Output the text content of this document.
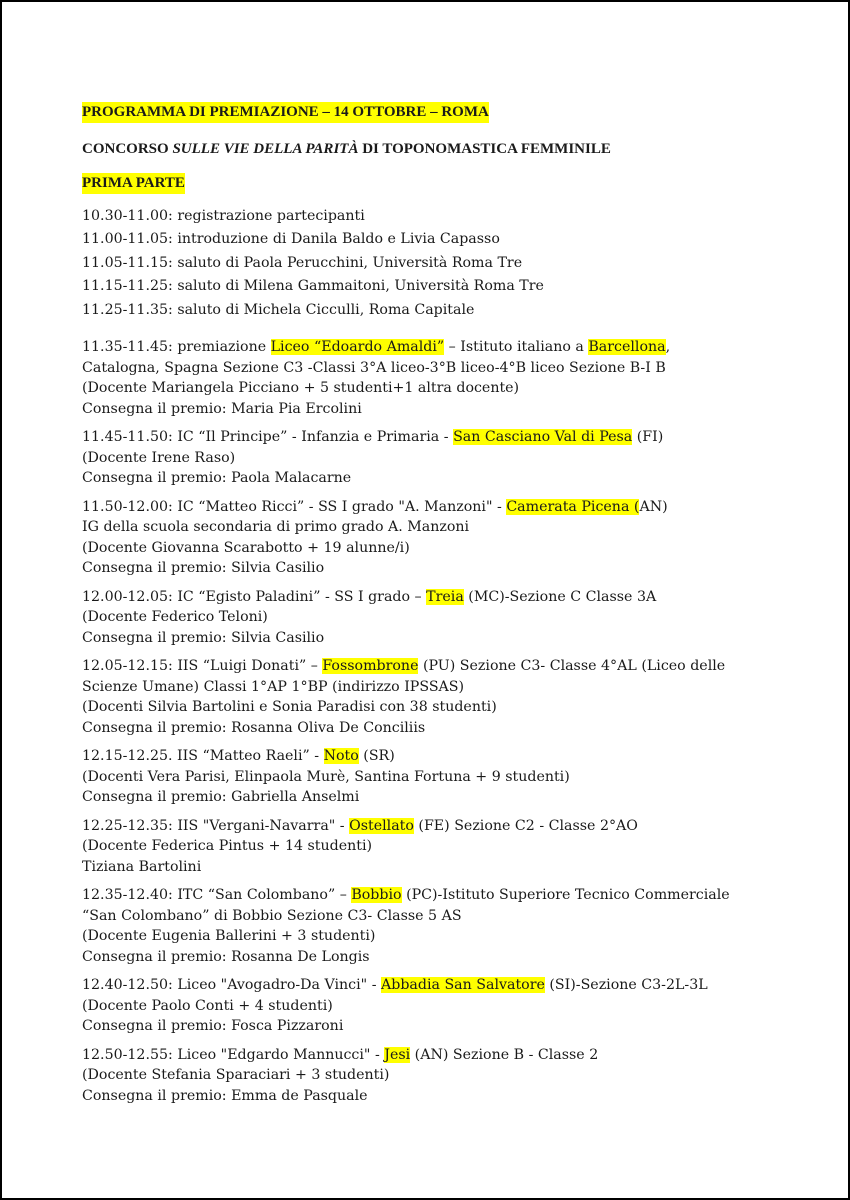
PROGRAMMA DI PREMIAZIONE – 14 OTTOBRE – ROMA
CONCORSO SULLE VIE DELLA PARITÀ DI TOPONOMASTICA FEMMINILE
PRIMA PARTE
10.30-11.00: registrazione partecipanti
11.00-11.05: introduzione di Danila Baldo e Livia Capasso
11.05-11.15: saluto di Paola Perucchini, Università Roma Tre
11.15-11.25: saluto di Milena Gammaitoni, Università Roma Tre
11.25-11.35: saluto di Michela Cicculli, Roma Capitale
11.35-11.45: premiazione Liceo “Edoardo Amaldi” – Istituto italiano a Barcellona,
Catalogna, Spagna Sezione C3 -Classi 3°A liceo-3°B liceo-4°B liceo Sezione B-I B
(Docente Mariangela Picciano + 5 studenti+1 altra docente)
Consegna il premio: Maria Pia Ercolini
11.45-11.50: IC “Il Principe” - Infanzia e Primaria - San Casciano Val di Pesa (FI)
(Docente Irene Raso)
Consegna il premio: Paola Malacarne
11.50-12.00: IC “Matteo Ricci” - SS I grado "A. Manzoni" - Camerata Picena (AN)
IG della scuola secondaria di primo grado A. Manzoni
(Docente Giovanna Scarabotto + 19 alunne/i)
Consegna il premio: Silvia Casilio
12.00-12.05: IC “Egisto Paladini” - SS I grado – Treia (MC)-Sezione C Classe 3A
(Docente Federico Teloni)
Consegna il premio: Silvia Casilio
12.05-12.15: IIS “Luigi Donati” – Fossombrone (PU) Sezione C3- Classe 4°AL (Liceo delle
Scienze Umane) Classi 1°AP 1°BP (indirizzo IPSSAS)
(Docenti Silvia Bartolini e Sonia Paradisi con 38 studenti)
Consegna il premio: Rosanna Oliva De Conciliis
12.15-12.25. IIS “Matteo Raeli” - Noto (SR)
(Docenti Vera Parisi, Elinpaola Murè, Santina Fortuna + 9 studenti)
Consegna il premio: Gabriella Anselmi
12.25-12.35: IIS "Vergani-Navarra" - Ostellato (FE) Sezione C2 - Classe 2°AO
(Docente Federica Pintus + 14 studenti)
Tiziana Bartolini
12.35-12.40: ITC “San Colombano” – Bobbio (PC)-Istituto Superiore Tecnico Commerciale
“San Colombano” di Bobbio Sezione C3- Classe 5 AS
(Docente Eugenia Ballerini + 3 studenti)
Consegna il premio: Rosanna De Longis
12.40-12.50: Liceo "Avogadro-Da Vinci" - Abbadia San Salvatore (SI)-Sezione C3-2L-3L
(Docente Paolo Conti + 4 studenti)
Consegna il premio: Fosca Pizzaroni
12.50-12.55: Liceo "Edgardo Mannucci" - Jesi (AN) Sezione B - Classe 2
(Docente Stefania Sparaciari + 3 studenti)
Consegna il premio: Emma de Pasquale
